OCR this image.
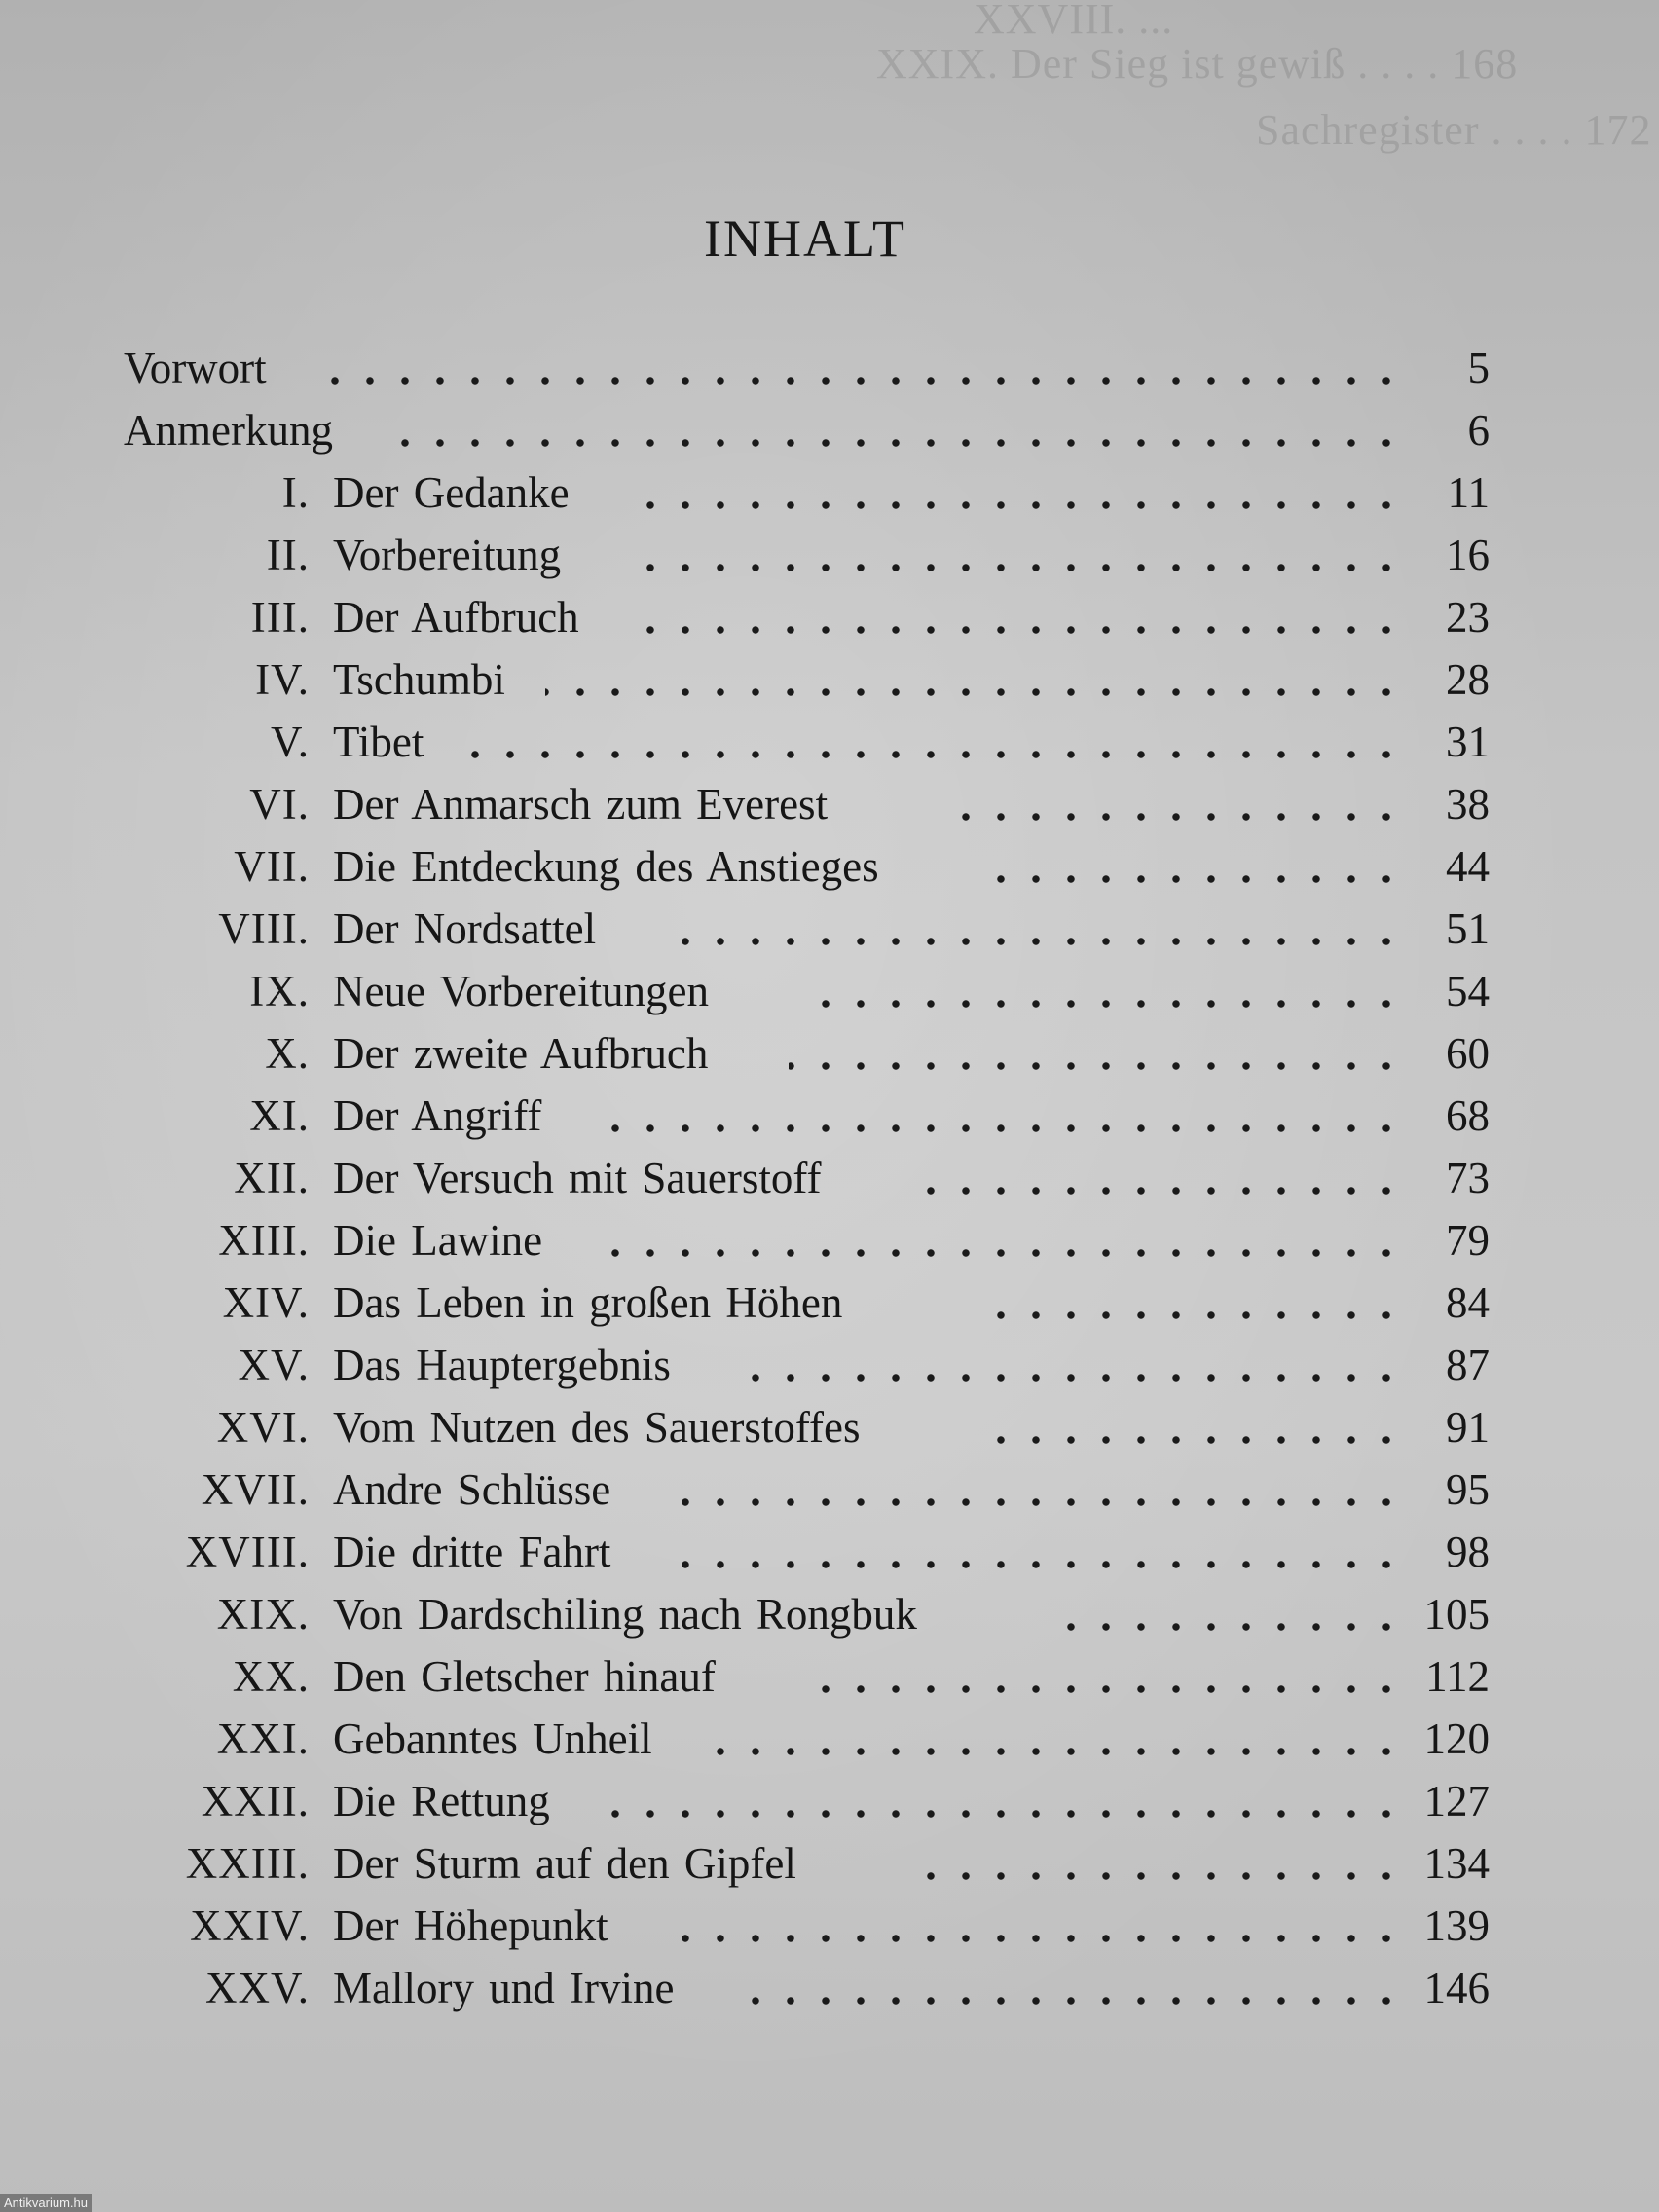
XXVIII. ...
XXIX. Der Sieg ist gewiß . . . . 168
Sachregister . . . . 172
INHALT
Vorwort	5
Anmerkung	6
I. Der Gedanke	11
II. Vorbereitung	16
III. Der Aufbruch	23
IV. Tschumbi	28
V. Tibet	31
VI. Der Anmarsch zum Everest	38
VII. Die Entdeckung des Anstieges	44
VIII. Der Nordsattel	51
IX. Neue Vorbereitungen	54
X. Der zweite Aufbruch	60
XI. Der Angriff	68
XII. Der Versuch mit Sauerstoff	73
XIII. Die Lawine	79
XIV. Das Leben in großen Höhen	84
XV. Das Hauptergebnis	87
XVI. Vom Nutzen des Sauerstoffes	91
XVII. Andre Schlüsse	95
XVIII. Die dritte Fahrt	98
XIX. Von Dardschiling nach Rongbuk	105
XX. Den Gletscher hinauf	112
XXI. Gebanntes Unheil	120
XXII. Die Rettung	127
XXIII. Der Sturm auf den Gipfel	134
XXIV. Der Höhepunkt	139
XXV. Mallory und Irvine	146
Antikvarium.hu
